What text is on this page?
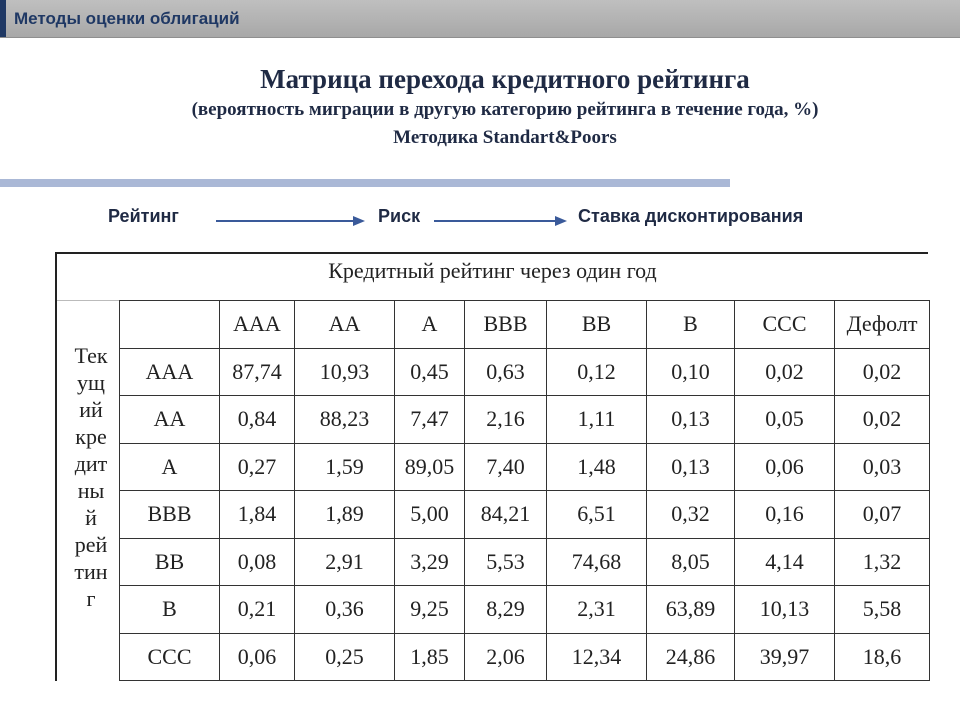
Методы оценки облигаций
Матрица перехода кредитного рейтинга
(вероятность миграции в другую категорию рейтинга в течение года, %)
Методика Standart&Poors
Рейтинг	Риск	Ставка дисконтирования
Кредитный рейтинг через один год
Тек
ущ
ий
кре
дит
ны
й
рей
тин
г
	AAA	AA	A	BBB	BB	B	CCC	Дефолт
AAA	87,74	10,93	0,45	0,63	0,12	0,10	0,02	0,02
AA	0,84	88,23	7,47	2,16	1,11	0,13	0,05	0,02
A	0,27	1,59	89,05	7,40	1,48	0,13	0,06	0,03
BBB	1,84	1,89	5,00	84,21	6,51	0,32	0,16	0,07
BB	0,08	2,91	3,29	5,53	74,68	8,05	4,14	1,32
B	0,21	0,36	9,25	8,29	2,31	63,89	10,13	5,58
CCC	0,06	0,25	1,85	2,06	12,34	24,86	39,97	18,6
